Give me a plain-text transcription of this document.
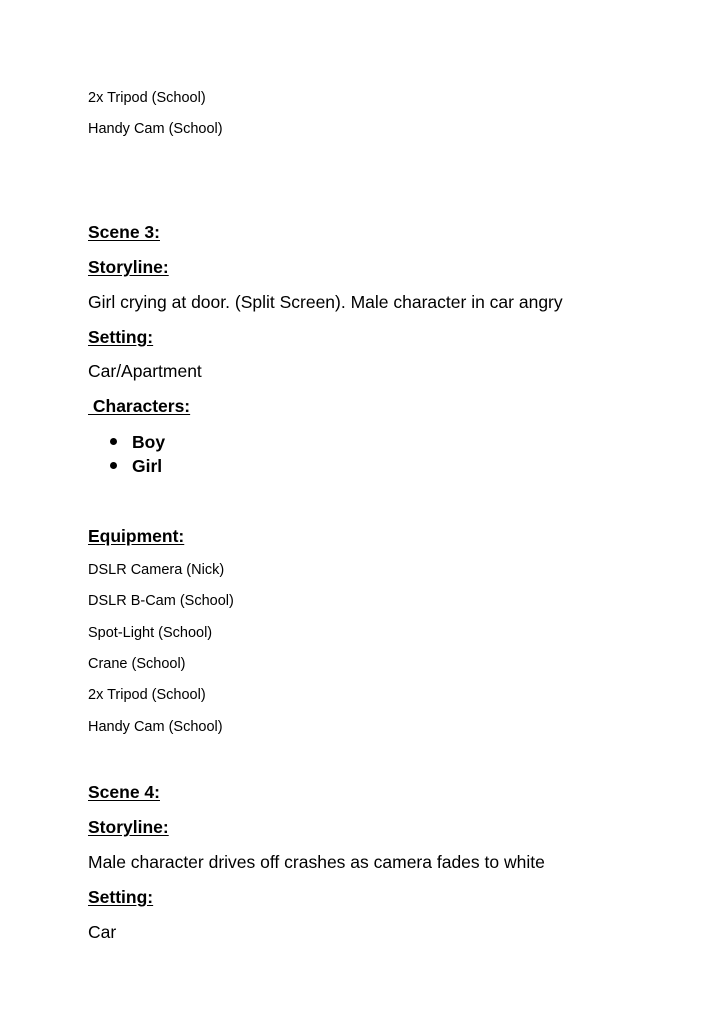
2x Tripod (School)
Handy Cam (School)
Scene 3:
Storyline:
Girl crying at door. (Split Screen). Male character in car angry
Setting:
Car/Apartment
Characters:
Boy
Girl
Equipment:
DSLR Camera (Nick)
DSLR B-Cam (School)
Spot-Light (School)
Crane (School)
2x Tripod (School)
Handy Cam (School)
Scene 4:
Storyline:
Male character drives off crashes as camera fades to white
Setting:
Car
